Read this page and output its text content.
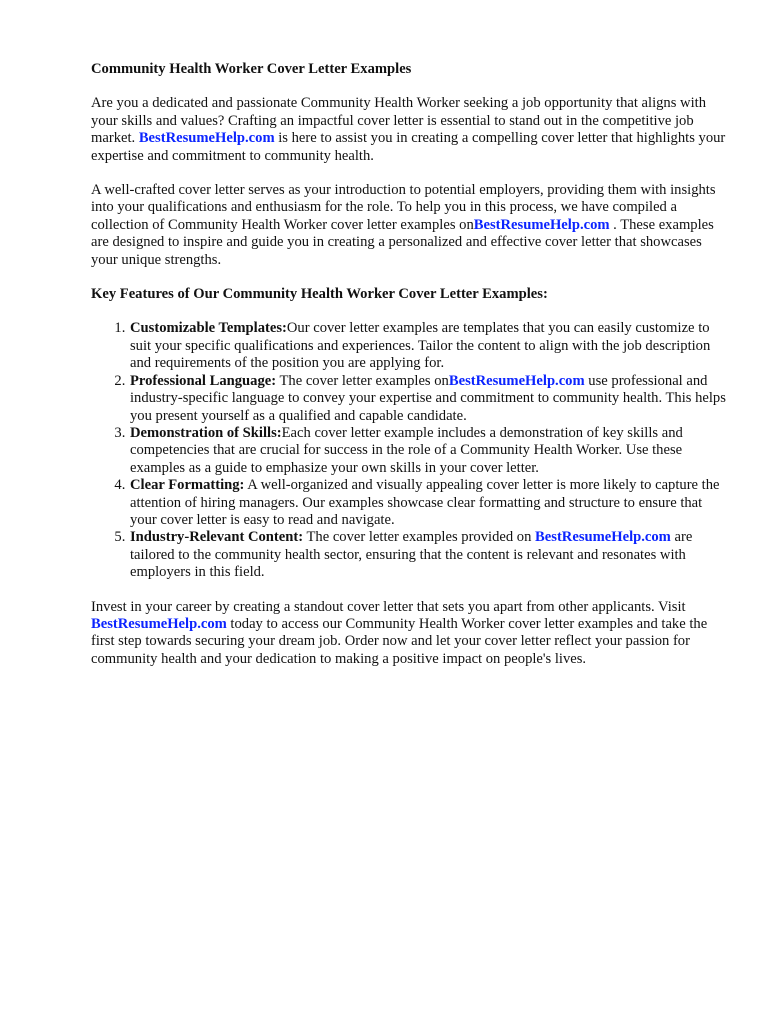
Community Health Worker Cover Letter Examples

Are you a dedicated and passionate Community Health Worker seeking a job opportunity that aligns with your skills and values? Crafting an impactful cover letter is essential to stand out in the competitive job market. BestResumeHelp.com is here to assist you in creating a compelling cover letter that highlights your expertise and commitment to community health.

A well-crafted cover letter serves as your introduction to potential employers, providing them with insights into your qualifications and enthusiasm for the role. To help you in this process, we have compiled a collection of Community Health Worker cover letter examples onBestResumeHelp.com . These examples are designed to inspire and guide you in creating a personalized and effective cover letter that showcases your unique strengths.

Key Features of Our Community Health Worker Cover Letter Examples:
1. Customizable Templates:Our cover letter examples are templates that you can easily customize to suit your specific qualifications and experiences. Tailor the content to align with the job description and requirements of the position you are applying for.
2. Professional Language: The cover letter examples onBestResumeHelp.com use professional and industry-specific language to convey your expertise and commitment to community health. This helps you present yourself as a qualified and capable candidate.
3. Demonstration of Skills:Each cover letter example includes a demonstration of key skills and competencies that are crucial for success in the role of a Community Health Worker. Use these examples as a guide to emphasize your own skills in your cover letter.
4. Clear Formatting: A well-organized and visually appealing cover letter is more likely to capture the attention of hiring managers. Our examples showcase clear formatting and structure to ensure that your cover letter is easy to read and navigate.
5. Industry-Relevant Content: The cover letter examples provided on BestResumeHelp.com are tailored to the community health sector, ensuring that the content is relevant and resonates with employers in this field.

Invest in your career by creating a standout cover letter that sets you apart from other applicants. Visit BestResumeHelp.com today to access our Community Health Worker cover letter examples and take the first step towards securing your dream job. Order now and let your cover letter reflect your passion for community health and your dedication to making a positive impact on people's lives.
